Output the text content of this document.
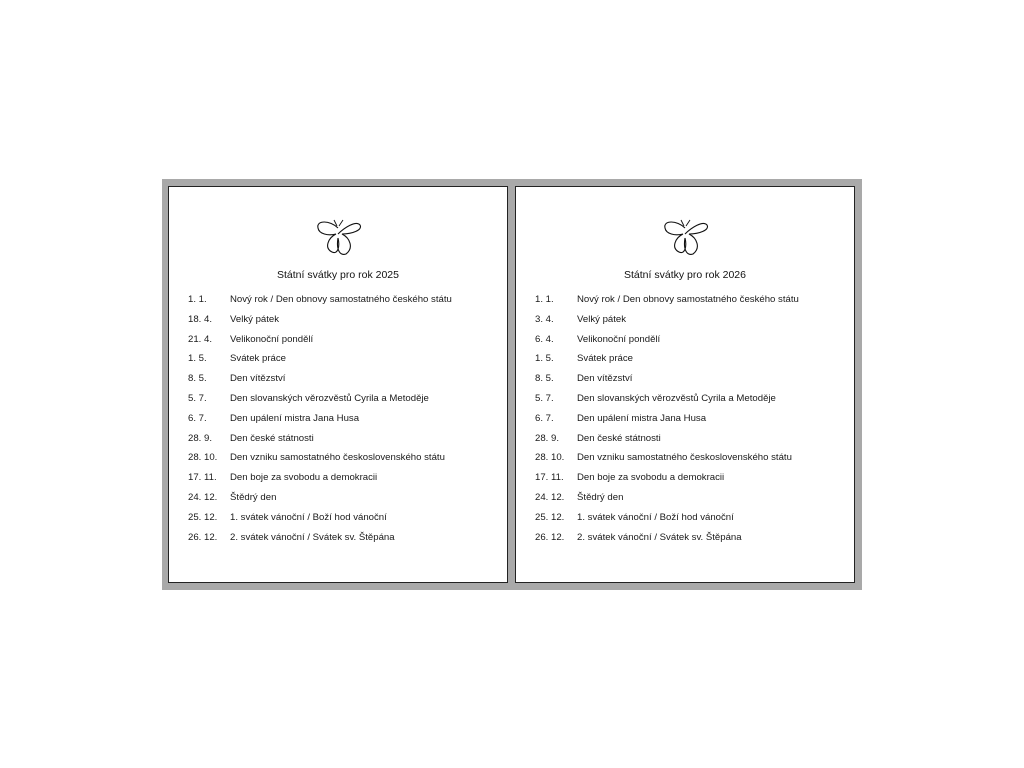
Státní svátky pro rok 2025
1. 1.	Nový rok / Den obnovy samostatného českého státu
18. 4.	Velký pátek
21. 4.	Velikonoční pondělí
1. 5.	Svátek práce
8. 5.	Den vítězství
5. 7.	Den slovanských věrozvěstů Cyrila a Metoděje
6. 7.	Den upálení mistra Jana Husa
28. 9.	Den české státnosti
28. 10.	Den vzniku samostatného československého státu
17. 11.	Den boje za svobodu a demokracii
24. 12.	Štědrý den
25. 12.	1. svátek vánoční / Boží hod vánoční
26. 12.	2. svátek vánoční / Svátek sv. Štěpána
Státní svátky pro rok 2026
1. 1.	Nový rok / Den obnovy samostatného českého státu
3. 4.	Velký pátek
6. 4.	Velikonoční pondělí
1. 5.	Svátek práce
8. 5.	Den vítězství
5. 7.	Den slovanských věrozvěstů Cyrila a Metoděje
6. 7.	Den upálení mistra Jana Husa
28. 9.	Den české státnosti
28. 10.	Den vzniku samostatného československého státu
17. 11.	Den boje za svobodu a demokracii
24. 12.	Štědrý den
25. 12.	1. svátek vánoční / Boží hod vánoční
26. 12.	2. svátek vánoční / Svátek sv. Štěpána
